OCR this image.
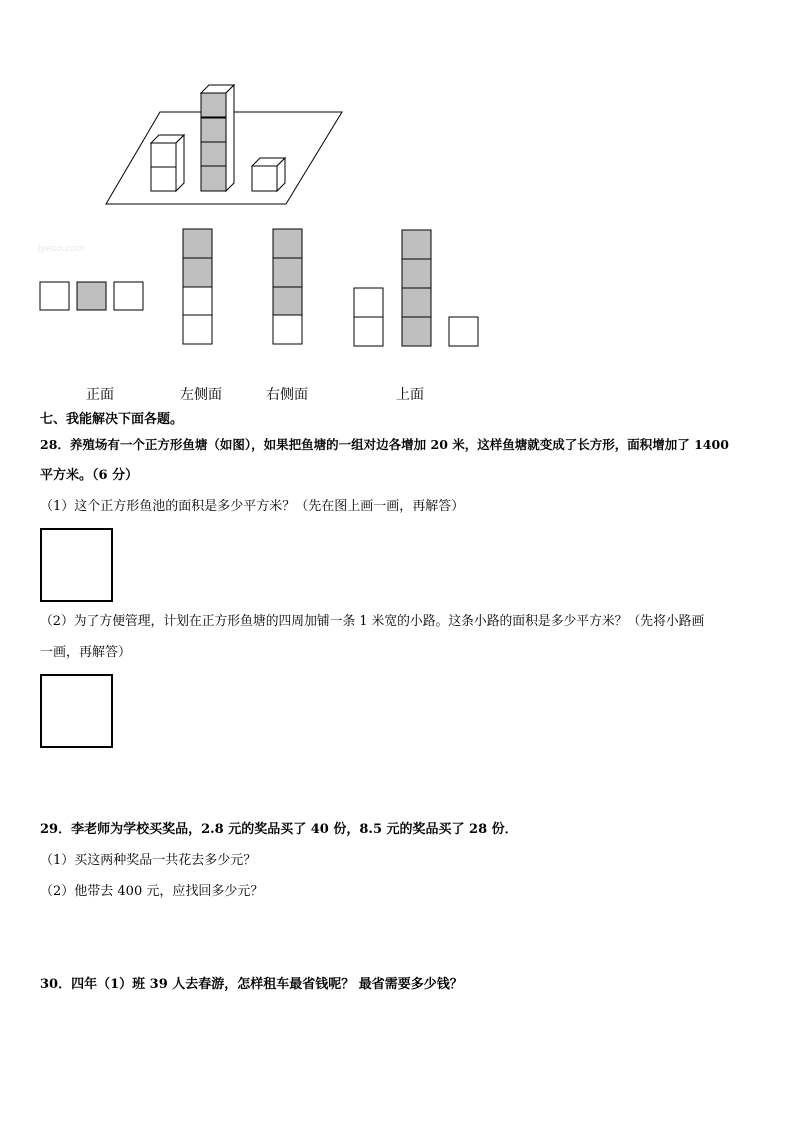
jyeoo.com
正面	左侧面	右侧面	上面
七、我能解决下面各题。
28．养殖场有一个正方形鱼塘（如图），如果把鱼塘的一组对边各增加 20 米，这样鱼塘就变成了长方形，面积增加了 1400
平方米。（6 分）
（1）这个正方形鱼池的面积是多少平方米？（先在图上画一画，再解答）
（2）为了方便管理，计划在正方形鱼塘的四周加铺一条 1 米宽的小路。这条小路的面积是多少平方米？（先将小路画
一画，再解答）
29．李老师为学校买奖品，2.8 元的奖品买了 40 份，8.5 元的奖品买了 28 份．
（1）买这两种奖品一共花去多少元？
（2）他带去 400 元，应找回多少元？
30．四年（1）班 39 人去春游，怎样租车最省钱呢？ 最省需要多少钱？
